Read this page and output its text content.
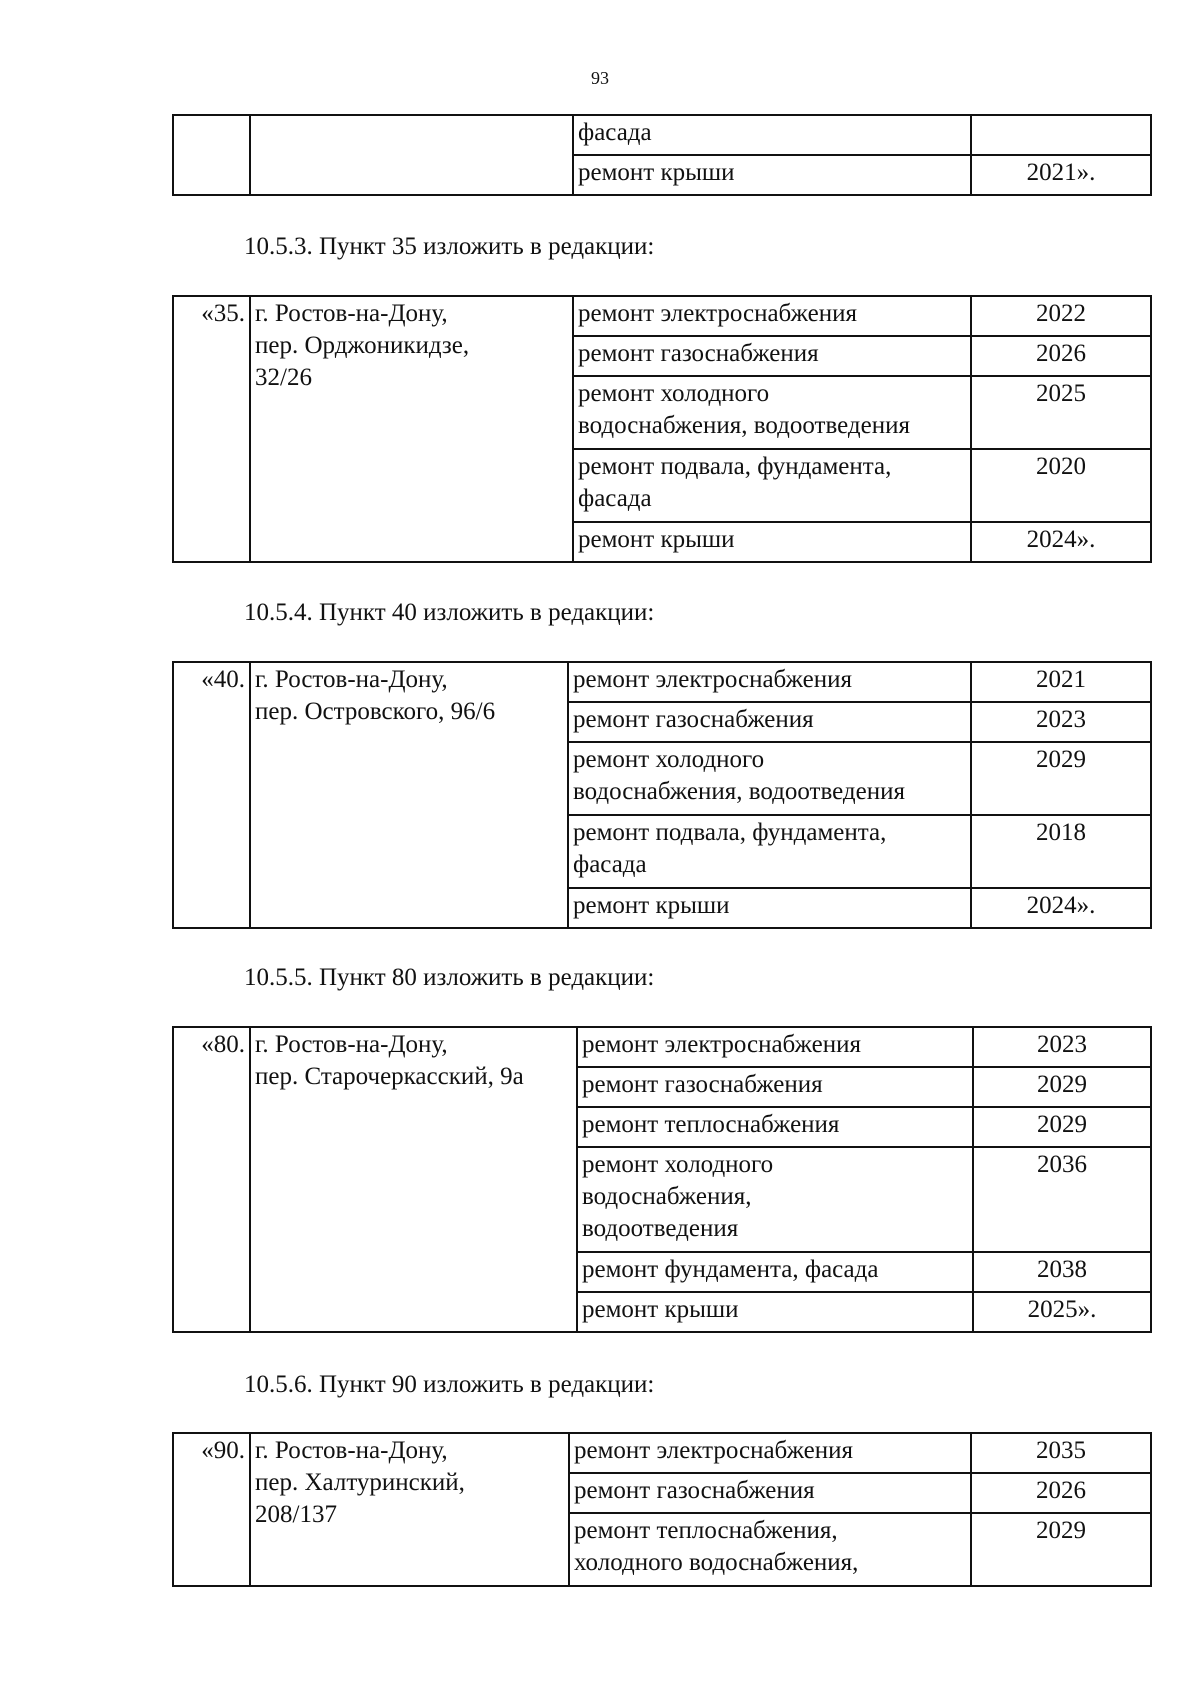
93
		фасада	
		ремонт крыши	2021».
10.5.3. Пункт 35 изложить в редакции:
«35.	г. Ростов-на-Дону,
пер. Орджоникидзе,
32/26	ремонт электроснабжения	2022

		ремонт газоснабжения	2026

		ремонт холодного
водоснабжения, водоотведения	2025

		ремонт подвала, фундамента,
фасада	2020

		ремонт крыши	2024».
10.5.4. Пункт 40 изложить в редакции:
«40.	г. Ростов-на-Дону,
пер. Островского, 96/6	ремонт электроснабжения	2021

		ремонт газоснабжения	2023

		ремонт холодного
водоснабжения, водоотведения	2029

		ремонт подвала, фундамента,
фасада	2018

		ремонт крыши	2024».
10.5.5. Пункт 80 изложить в редакции:
«80.	г. Ростов-на-Дону,
пер. Старочеркасский, 9а	ремонт электроснабжения	2023

		ремонт газоснабжения	2029

		ремонт теплоснабжения	2029

		ремонт холодного
водоснабжения,
водоотведения	2036

		ремонт фундамента, фасада	2038

		ремонт крыши	2025».
10.5.6. Пункт 90 изложить в редакции:
«90.	г. Ростов-на-Дону,
пер. Халтуринский,
208/137	ремонт электроснабжения	2035

		ремонт газоснабжения	2026

		ремонт теплоснабжения,
холодного водоснабжения,	2029
